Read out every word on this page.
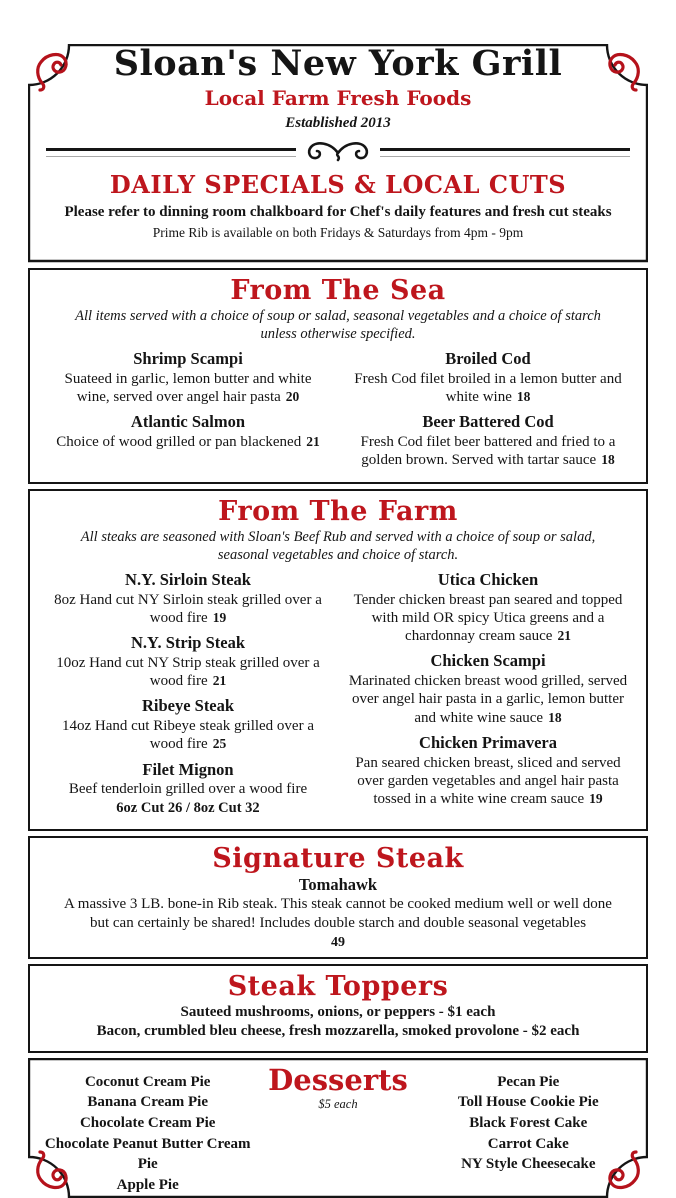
Sloan's New York Grill
Local Farm Fresh Foods
Established 2013
DAILY SPECIALS & LOCAL CUTS
Please refer to dinning room chalkboard for Chef's daily features and fresh cut steaks
Prime Rib is available on both Fridays & Saturdays from 4pm - 9pm
From The Sea
All items served with a choice of soup or salad, seasonal vegetables and a choice of starch unless otherwise specified.
Shrimp Scampi
Suateed in garlic, lemon butter and white wine, served over angel hair pasta 20
Atlantic Salmon
Choice of wood grilled or pan blackened 21
Broiled Cod
Fresh Cod filet broiled in a lemon butter and white wine 18
Beer Battered Cod
Fresh Cod filet beer battered and fried to a golden brown. Served with tartar sauce 18
From The Farm
All steaks are seasoned with Sloan's Beef Rub and served with a choice of soup or salad, seasonal vegetables and choice of starch.
N.Y. Sirloin Steak
8oz Hand cut NY Sirloin steak grilled over a wood fire 19
N.Y. Strip Steak
10oz Hand cut NY Strip steak grilled over a wood fire 21
Ribeye Steak
14oz Hand cut Ribeye steak grilled over a wood fire 25
Filet Mignon
Beef tenderloin grilled over a wood fire
6oz Cut 26 / 8oz Cut 32
Utica Chicken
Tender chicken breast pan seared and topped with mild OR spicy Utica greens and a chardonnay cream sauce 21
Chicken Scampi
Marinated chicken breast wood grilled, served over angel hair pasta in a garlic, lemon butter and white wine sauce 18
Chicken Primavera
Pan seared chicken breast, sliced and served over garden vegetables and angel hair pasta tossed in a white wine cream sauce 19
Signature Steak
Tomahawk
A massive 3 LB. bone-in Rib steak. This steak cannot be cooked medium well or well done but can certainly be shared! Includes double starch and double seasonal vegetables
49
Steak Toppers
Sauteed mushrooms, onions, or peppers - $1 each
Bacon, crumbled bleu cheese, fresh mozzarella, smoked provolone - $2 each
Coconut Cream Pie
Banana Cream Pie
Chocolate Cream Pie
Chocolate Peanut Butter Cream Pie
Apple Pie
Desserts
$5 each
Pecan Pie
Toll House Cookie Pie
Black Forest Cake
Carrot Cake
NY Style Cheesecake
